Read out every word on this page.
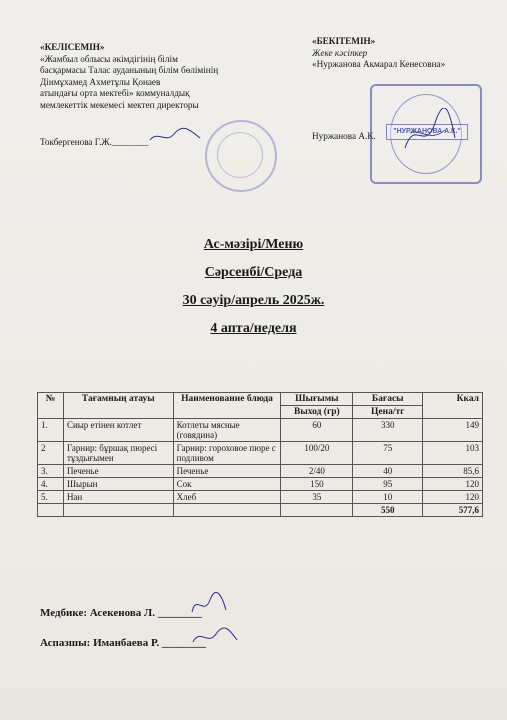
«КЕЛІСЕМІН»
«Жамбыл облысы әкімдігінің білім
басқармасы Талас ауданының білім бөлімінің
Дінмұхамед Ахметұлы Қонаев
атындағы орта мектебі» коммуналдық
мемлекеттік мекемесі мектеп директоры
Токбергенова Г.Ж.________
«БЕКІТЕМІН»
Жеке кәсіпкер
«Нуржанова Акмарал Кенесовна»
Нуржанова А.К.	"НУРЖАНОВА А.К."
Ас-мәзірі/Меню
Сәрсенбі/Среда
30 сәуір/апрель 2025ж.
4 апта/неделя
№	Тағамның атауы	Наименование блюда	Шығымы	Бағасы	Ккал
			Выход (гр)	Цена/тг	
1.	Сиыр етінен котлет	Котлеты мясные (говядина)	60	330	149
2	Гарнир: бұршақ пюресі тұздығымен	Гарнир: гороховое пюре с подливом	100/20	75	103
3.	Печенье	Печенье	2/40	40	85,6
4.	Шырын	Сок	150	95	120
5.	Нан	Хлеб	35	10	120
				550	577,6
Медбике: Асекенова Л. ________
Аспазшы: Иманбаева Р. ________
